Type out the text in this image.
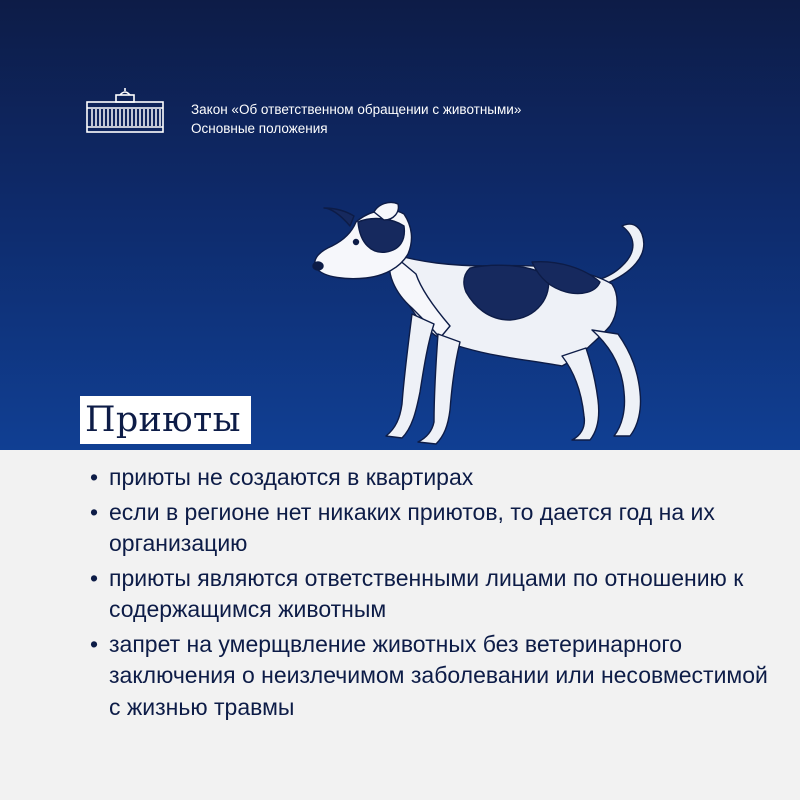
Закон «Об ответственном обращении с животными»
Основные положения
Приюты
• приюты не создаются в квартирах
• если в регионе нет никаких приютов, то дается год на их организацию
• приюты являются ответственными лицами по отношению к содержащимся животным
• запрет на умерщвление животных без ветеринарного заключения о неизлечимом заболевании или несовместимой с жизнью травмы
